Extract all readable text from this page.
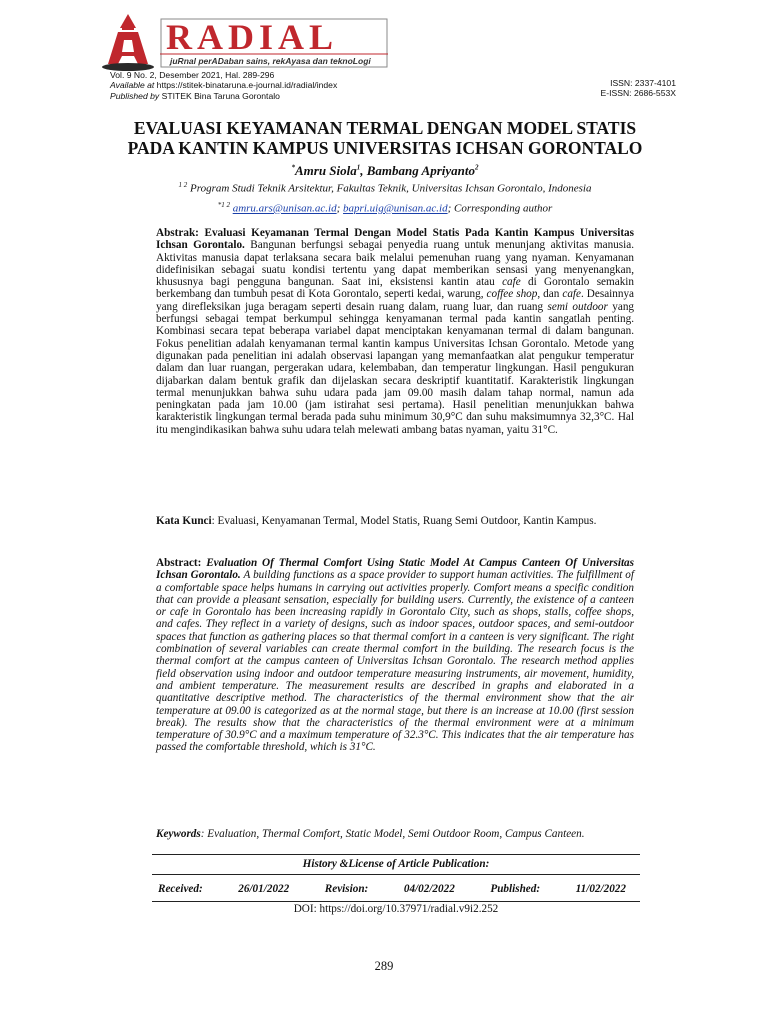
RADIAL
juRnal perADaban sains, rekAyasa dan teknoLogi
Vol. 9 No. 2, Desember 2021, Hal. 289-296
Available at https://stitek-binataruna.e-journal.id/radial/index
Published by STITEK Bina Taruna Gorontalo
ISSN: 2337-4101
E-ISSN: 2686-553X
EVALUASI KEYAMANAN TERMAL DENGAN MODEL STATIS
PADA KANTIN KAMPUS UNIVERSITAS ICHSAN GORONTALO
*Amru Siola$^1$, Bambang Apriyanto$^2$
$^{1 2}$ Program Studi Teknik Arsitektur, Fakultas Teknik, Universitas Ichsan Gorontalo, Indonesia
$^{*1 2}$ amru.ars@unisan.ac.id; bapri.uig@unisan.ac.id; Corresponding author
Abstrak: Evaluasi Keyamanan Termal Dengan Model Statis Pada Kantin Kampus Universitas Ichsan Gorontalo. Bangunan berfungsi sebagai penyedia ruang untuk menunjang aktivitas manusia. Aktivitas manusia dapat terlaksana secara baik melalui pemenuhan ruang yang nyaman. Kenyamanan didefinisikan sebagai suatu kondisi tertentu yang dapat memberikan sensasi yang menyenangkan, khususnya bagi pengguna bangunan. Saat ini, eksistensi kantin atau cafe di Gorontalo semakin berkembang dan tumbuh pesat di Kota Gorontalo, seperti kedai, warung, coffee shop, dan cafe. Desainnya yang direfleksikan juga beragam seperti desain ruang dalam, ruang luar, dan ruang semi outdoor yang berfungsi sebagai tempat berkumpul sehingga kenyamanan termal pada kantin sangatlah penting. Kombinasi secara tepat beberapa variabel dapat menciptakan kenyamanan termal di dalam bangunan. Fokus penelitian adalah kenyamanan termal kantin kampus Universitas Ichsan Gorontalo. Metode yang digunakan pada penelitian ini adalah observasi lapangan yang memanfaatkan alat pengukur temperatur dalam dan luar ruangan, pergerakan udara, kelembaban, dan temperatur lingkungan. Hasil pengukuran dijabarkan dalam bentuk grafik dan dijelaskan secara deskriptif kuantitatif. Karakteristik lingkungan termal menunjukkan bahwa suhu udara pada jam 09.00 masih dalam tahap normal, namun ada peningkatan pada jam 10.00 (jam istirahat sesi pertama). Hasil penelitian menunjukkan bahwa karakteristik lingkungan termal berada pada suhu minimum 30,9°C dan suhu maksimumnya 32,3°C. Hal itu mengindikasikan bahwa suhu udara telah melewati ambang batas nyaman, yaitu 31°C.
Kata Kunci: Evaluasi, Kenyamanan Termal, Model Statis, Ruang Semi Outdoor, Kantin Kampus.
Abstract: Evaluation Of Thermal Comfort Using Static Model At Campus Canteen Of Universitas Ichsan Gorontalo. A building functions as a space provider to support human activities. The fulfillment of a comfortable space helps humans in carrying out activities properly. Comfort means a specific condition that can provide a pleasant sensation, especially for building users. Currently, the existence of a canteen or cafe in Gorontalo has been increasing rapidly in Gorontalo City, such as shops, stalls, coffee shops, and cafes. They reflect in a variety of designs, such as indoor spaces, outdoor spaces, and semi-outdoor spaces that function as gathering places so that thermal comfort in a canteen is very significant. The right combination of several variables can create thermal comfort in the building. The research focus is the thermal comfort at the campus canteen of Universitas Ichsan Gorontalo. The research method applies field observation using indoor and outdoor temperature measuring instruments, air movement, humidity, and ambient temperature. The measurement results are described in graphs and elaborated in a quantitative descriptive method. The characteristics of the thermal environment show that the air temperature at 09.00 is categorized as at the normal stage, but there is an increase at 10.00 (first session break). The results show that the characteristics of the thermal environment were at a minimum temperature of 30.9°C and a maximum temperature of 32.3°C. This indicates that the air temperature has passed the comfortable threshold, which is 31°C.
Keywords: Evaluation, Thermal Comfort, Static Model, Semi Outdoor Room, Campus Canteen.
History &License of Article Publication:
Received:	26/01/2022	Revision:	04/02/2022	Published:	11/02/2022
DOI: https://doi.org/10.37971/radial.v9i2.252
289
